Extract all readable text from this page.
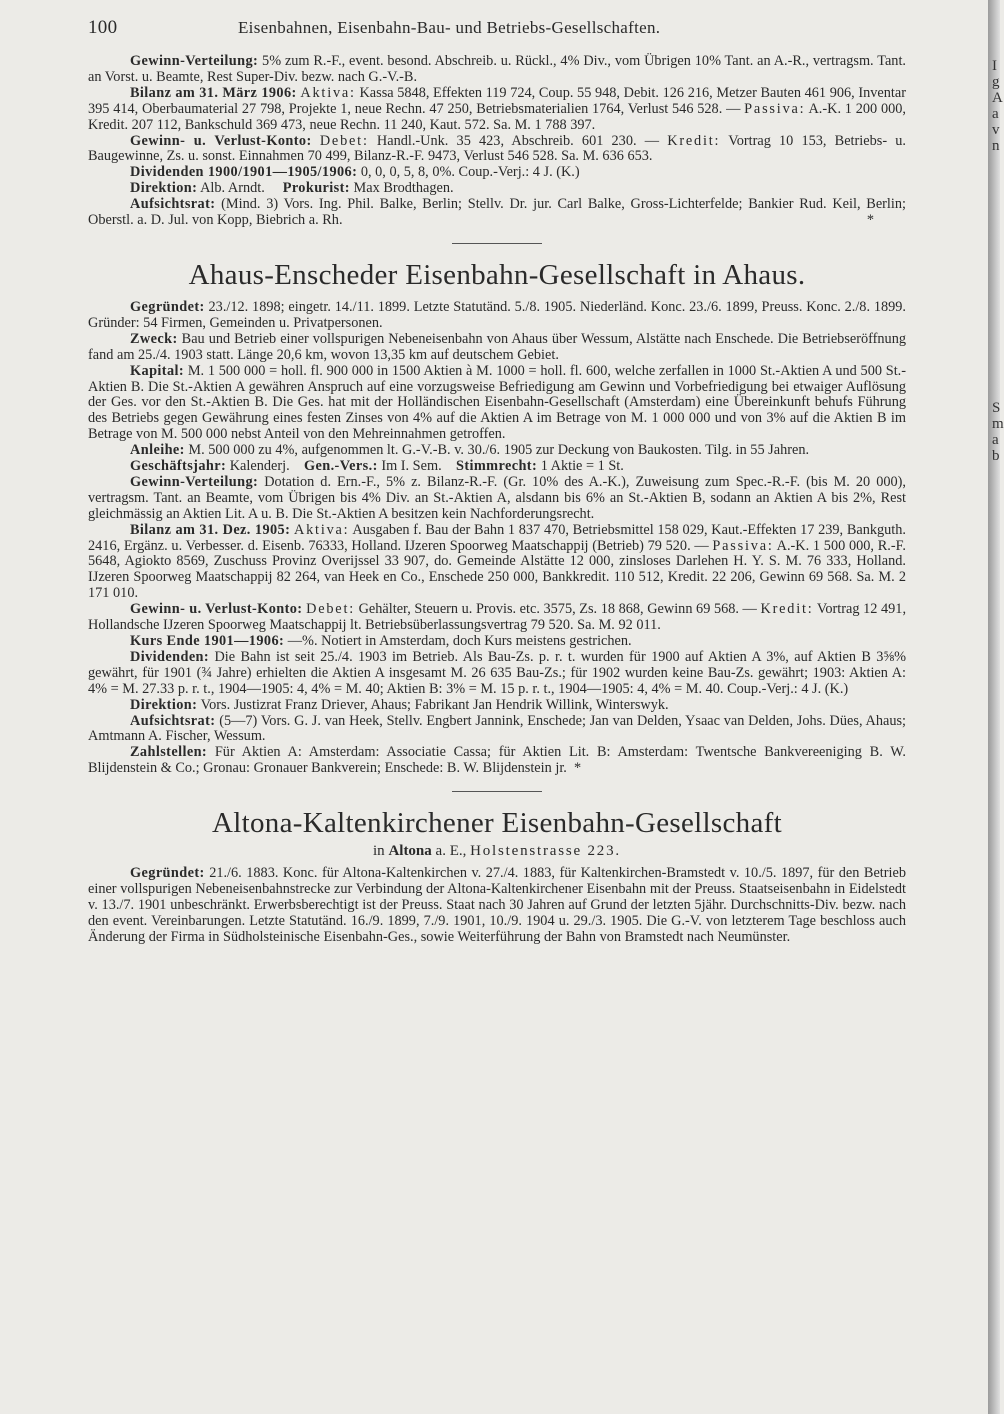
I
g
A
a
v
n
S
m
a
b
100	Eisenbahnen, Eisenbahn-Bau- und Betriebs-Gesellschaften.

Gewinn-Verteilung: 5% zum R.-F., event. besond. Abschreib. u. Rückl., 4% Div., vom Übrigen 10% Tant. an A.-R., vertragsm. Tant. an Vorst. u. Beamte, Rest Super-Div. bezw. nach G.-V.-B.

Bilanz am 31. März 1906: Aktiva: Kassa 5848, Effekten 119 724, Coup. 55 948, Debit. 126 216, Metzer Bauten 461 906, Inventar 395 414, Oberbaumaterial 27 798, Projekte 1, neue Rechn. 47 250, Betriebsmaterialien 1764, Verlust 546 528. — Passiva: A.-K. 1 200 000, Kredit. 207 112, Bankschuld 369 473, neue Rechn. 11 240, Kaut. 572. Sa. M. 1 788 397.

Gewinn- u. Verlust-Konto: Debet: Handl.-Unk. 35 423, Abschreib. 601 230. — Kredit: Vortrag 10 153, Betriebs- u. Baugewinne, Zs. u. sonst. Einnahmen 70 499, Bilanz-R.-F. 9473, Verlust 546 528. Sa. M. 636 653.

Dividenden 1900/1901—1905/1906: 0, 0, 0, 5, 8, 0%. Coup.-Verj.: 4 J. (K.)

Direktion: Alb. Arndt. Prokurist: Max Brodthagen.

Aufsichtsrat: (Mind. 3) Vors. Ing. Phil. Balke, Berlin; Stellv. Dr. jur. Carl Balke, Gross-Lichterfelde; Bankier Rud. Keil, Berlin; Oberstl. a. D. Jul. von Kopp, Biebrich a. Rh.	*

Ahaus-Enscheder Eisenbahn-Gesellschaft in Ahaus.

Gegründet: 23./12. 1898; eingetr. 14./11. 1899. Letzte Statutänd. 5./8. 1905. Niederländ. Konc. 23./6. 1899, Preuss. Konc. 2./8. 1899. Gründer: 54 Firmen, Gemeinden u. Privatpersonen.

Zweck: Bau und Betrieb einer vollspurigen Nebeneisenbahn von Ahaus über Wessum, Alstätte nach Enschede. Die Betriebseröffnung fand am 25./4. 1903 statt. Länge 20,6 km, wovon 13,35 km auf deutschem Gebiet.

Kapital: M. 1 500 000 = holl. fl. 900 000 in 1500 Aktien à M. 1000 = holl. fl. 600, welche zerfallen in 1000 St.-Aktien A und 500 St.-Aktien B. Die St.-Aktien A gewähren Anspruch auf eine vorzugsweise Befriedigung am Gewinn und Vorbefriedigung bei etwaiger Auflösung der Ges. vor den St.-Aktien B. Die Ges. hat mit der Holländischen Eisenbahn-Gesellschaft (Amsterdam) eine Übereinkunft behufs Führung des Betriebs gegen Gewährung eines festen Zinses von 4% auf die Aktien A im Betrage von M. 1 000 000 und von 3% auf die Aktien B im Betrage von M. 500 000 nebst Anteil von den Mehreinnahmen getroffen.

Anleihe: M. 500 000 zu 4%, aufgenommen lt. G.-V.-B. v. 30./6. 1905 zur Deckung von Baukosten. Tilg. in 55 Jahren.

Geschäftsjahr: Kalenderj. Gen.-Vers.: Im I. Sem. Stimmrecht: 1 Aktie = 1 St.

Gewinn-Verteilung: Dotation d. Ern.-F., 5% z. Bilanz-R.-F. (Gr. 10% des A.-K.), Zuweisung zum Spec.-R.-F. (bis M. 20 000), vertragsm. Tant. an Beamte, vom Übrigen bis 4% Div. an St.-Aktien A, alsdann bis 6% an St.-Aktien B, sodann an Aktien A bis 2%, Rest gleichmässig an Aktien Lit. A u. B. Die St.-Aktien A besitzen kein Nachforderungsrecht.

Bilanz am 31. Dez. 1905: Aktiva: Ausgaben f. Bau der Bahn 1 837 470, Betriebsmittel 158 029, Kaut.-Effekten 17 239, Bankguth. 2416, Ergänz. u. Verbesser. d. Eisenb. 76333, Holland. IJzeren Spoorweg Maatschappij (Betrieb) 79 520. — Passiva: A.-K. 1 500 000, R.-F. 5648, Agiokto 8569, Zuschuss Provinz Overijssel 33 907, do. Gemeinde Alstätte 12 000, zinsloses Darlehen H. Y. S. M. 76 333, Holland. IJzeren Spoorweg Maatschappij 82 264, van Heek en Co., Enschede 250 000, Bankkredit. 110 512, Kredit. 22 206, Gewinn 69 568. Sa. M. 2 171 010.

Gewinn- u. Verlust-Konto: Debet: Gehälter, Steuern u. Provis. etc. 3575, Zs. 18 868, Gewinn 69 568. — Kredit: Vortrag 12 491, Hollandsche IJzeren Spoorweg Maatschappij lt. Betriebsüberlassungsvertrag 79 520. Sa. M. 92 011.

Kurs Ende 1901—1906: —%. Notiert in Amsterdam, doch Kurs meistens gestrichen.

Dividenden: Die Bahn ist seit 25./4. 1903 im Betrieb. Als Bau-Zs. p. r. t. wurden für 1900 auf Aktien A 3%, auf Aktien B 3⅝% gewährt, für 1901 (¾ Jahre) erhielten die Aktien A insgesamt M. 26 635 Bau-Zs.; für 1902 wurden keine Bau-Zs. gewährt; 1903: Aktien A: 4% = M. 27.33 p. r. t., 1904—1905: 4, 4% = M. 40; Aktien B: 3% = M. 15 p. r. t., 1904—1905: 4, 4% = M. 40. Coup.-Verj.: 4 J. (K.)

Direktion: Vors. Justizrat Franz Driever, Ahaus; Fabrikant Jan Hendrik Willink, Winterswyk.

Aufsichtsrat: (5—7) Vors. G. J. van Heek, Stellv. Engbert Jannink, Enschede; Jan van Delden, Ysaac van Delden, Johs. Dües, Ahaus; Amtmann A. Fischer, Wessum.

Zahlstellen: Für Aktien A: Amsterdam: Associatie Cassa; für Aktien Lit. B: Amsterdam: Twentsche Bankvereeniging B. W. Blijdenstein & Co.; Gronau: Gronauer Bankverein; Enschede: B. W. Blijdenstein jr. *

Altona-Kaltenkirchener Eisenbahn-Gesellschaft
in Altona a. E., Holstenstrasse 223.

Gegründet: 21./6. 1883. Konc. für Altona-Kaltenkirchen v. 27./4. 1883, für Kaltenkirchen-Bramstedt v. 10./5. 1897, für den Betrieb einer vollspurigen Nebeneisenbahnstrecke zur Verbindung der Altona-Kaltenkirchener Eisenbahn mit der Preuss. Staatseisenbahn in Eidelstedt v. 13./7. 1901 unbeschränkt. Erwerbsberechtigt ist der Preuss. Staat nach 30 Jahren auf Grund der letzten 5jähr. Durchschnitts-Div. bezw. nach den event. Vereinbarungen. Letzte Statutänd. 16./9. 1899, 7./9. 1901, 10./9. 1904 u. 29./3. 1905. Die G.-V. von letzterem Tage beschloss auch Änderung der Firma in Südholsteinische Eisenbahn-Ges., sowie Weiterführung der Bahn von Bramstedt nach Neumünster.
